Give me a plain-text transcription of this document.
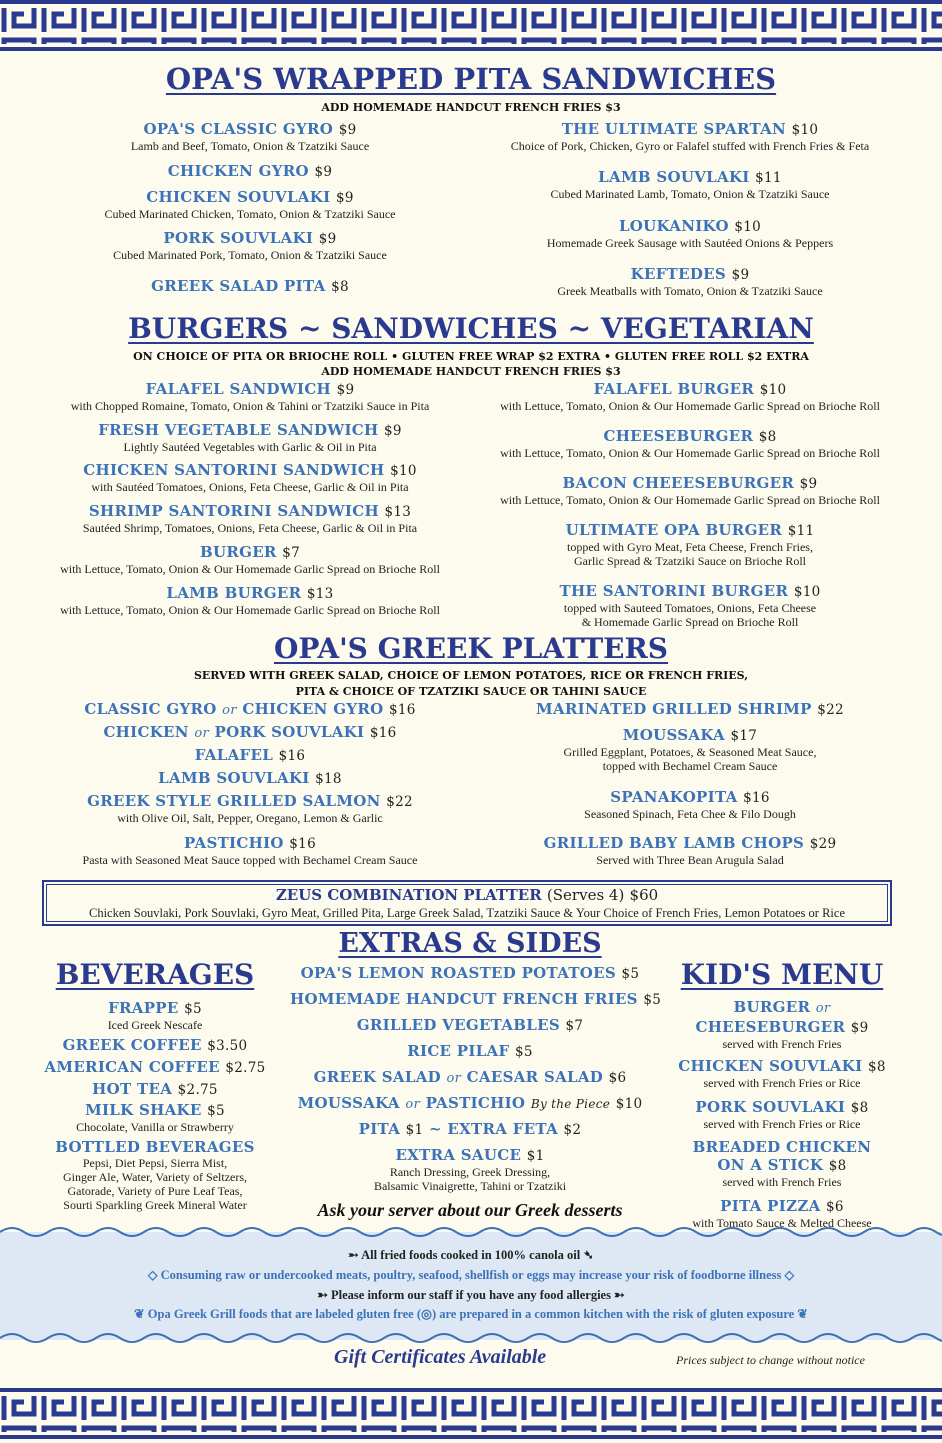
OPA'S WRAPPED PITA SANDWICHES
ADD HOMEMADE HANDCUT FRENCH FRIES $3
OPA'S CLASSIC GYRO $9
Lamb and Beef, Tomato, Onion & Tzatziki Sauce
CHICKEN GYRO $9
CHICKEN SOUVLAKI $9
Cubed Marinated Chicken, Tomato, Onion & Tzatziki Sauce
PORK SOUVLAKI $9
Cubed Marinated Pork, Tomato, Onion & Tzatziki Sauce
GREEK SALAD PITA $8
THE ULTIMATE SPARTAN $10
Choice of Pork, Chicken, Gyro or Falafel stuffed with French Fries & Feta
LAMB SOUVLAKI $11
Cubed Marinated Lamb, Tomato, Onion & Tzatziki Sauce
LOUKANIKO $10
Homemade Greek Sausage with Sautéed Onions & Peppers
KEFTEDES $9
Greek Meatballs with Tomato, Onion & Tzatziki Sauce
BURGERS ~ SANDWICHES ~ VEGETARIAN
ON CHOICE OF PITA OR BRIOCHE ROLL • GLUTEN FREE WRAP $2 EXTRA • GLUTEN FREE ROLL $2 EXTRA
ADD HOMEMADE HANDCUT FRENCH FRIES $3
FALAFEL SANDWICH $9
with Chopped Romaine, Tomato, Onion & Tahini or Tzatziki Sauce in Pita
FRESH VEGETABLE SANDWICH $9
Lightly Sautéed Vegetables with Garlic & Oil in Pita
CHICKEN SANTORINI SANDWICH $10
with Sautéed Tomatoes, Onions, Feta Cheese, Garlic & Oil in Pita
SHRIMP SANTORINI SANDWICH $13
Sautéed Shrimp, Tomatoes, Onions, Feta Cheese, Garlic & Oil in Pita
BURGER $7
with Lettuce, Tomato, Onion & Our Homemade Garlic Spread on Brioche Roll
LAMB BURGER $13
with Lettuce, Tomato, Onion & Our Homemade Garlic Spread on Brioche Roll
FALAFEL BURGER $10
with Lettuce, Tomato, Onion & Our Homemade Garlic Spread on Brioche Roll
CHEESEBURGER $8
with Lettuce, Tomato, Onion & Our Homemade Garlic Spread on Brioche Roll
BACON CHEEESEBURGER $9
with Lettuce, Tomato, Onion & Our Homemade Garlic Spread on Brioche Roll
ULTIMATE OPA BURGER $11
topped with Gyro Meat, Feta Cheese, French Fries,
Garlic Spread & Tzatziki Sauce on Brioche Roll
THE SANTORINI BURGER $10
topped with Sauteed Tomatoes, Onions, Feta Cheese
& Homemade Garlic Spread on Brioche Roll
OPA'S GREEK PLATTERS
SERVED WITH GREEK SALAD, CHOICE OF LEMON POTATOES, RICE OR FRENCH FRIES,
PITA & CHOICE OF TZATZIKI SAUCE OR TAHINI SAUCE
CLASSIC GYRO or CHICKEN GYRO $16
CHICKEN or PORK SOUVLAKI $16
FALAFEL $16
LAMB SOUVLAKI $18
GREEK STYLE GRILLED SALMON $22
with Olive Oil, Salt, Pepper, Oregano, Lemon & Garlic
PASTICHIO $16
Pasta with Seasoned Meat Sauce topped with Bechamel Cream Sauce
MARINATED GRILLED SHRIMP $22
MOUSSAKA $17
Grilled Eggplant, Potatoes, & Seasoned Meat Sauce,
topped with Bechamel Cream Sauce
SPANAKOPITA $16
Seasoned Spinach, Feta Chee & Filo Dough
GRILLED BABY LAMB CHOPS $29
Served with Three Bean Arugula Salad
ZEUS COMBINATION PLATTER (Serves 4) $60
Chicken Souvlaki, Pork Souvlaki, Gyro Meat, Grilled Pita, Large Greek Salad, Tzatziki Sauce & Your Choice of French Fries, Lemon Potatoes or Rice
EXTRAS & SIDES
OPA'S LEMON ROASTED POTATOES $5
HOMEMADE HANDCUT FRENCH FRIES $5
GRILLED VEGETABLES $7
RICE PILAF $5
GREEK SALAD or CAESAR SALAD $6
MOUSSAKA or PASTICHIO By the Piece $10
PITA $1 ~ EXTRA FETA $2
EXTRA SAUCE $1
Ranch Dressing, Greek Dressing,
Balsamic Vinaigrette, Tahini or Tzatziki
Ask your server about our Greek desserts
BEVERAGES
FRAPPE $5
Iced Greek Nescafe
GREEK COFFEE $3.50
AMERICAN COFFEE $2.75
HOT TEA $2.75
MILK SHAKE $5
Chocolate, Vanilla or Strawberry
BOTTLED BEVERAGES
Pepsi, Diet Pepsi, Sierra Mist,
Ginger Ale, Water, Variety of Seltzers,
Gatorade, Variety of Pure Leaf Teas,
Sourti Sparkling Greek Mineral Water
KID'S MENU
BURGER or
CHEESEBURGER $9
served with French Fries
CHICKEN SOUVLAKI $8
served with French Fries or Rice
PORK SOUVLAKI $8
served with French Fries or Rice
BREADED CHICKEN
ON A STICK $8
served with French Fries
PITA PIZZA $6
with Tomato Sauce & Melted Cheese
➵ All fried foods cooked in 100% canola oil ➴
◇ Consuming raw or undercooked meats, poultry, seafood, shellfish or eggs may increase your risk of foodborne illness ◇
➳ Please inform our staff if you have any food allergies ➳
❦ Opa Greek Grill foods that are labeled gluten free (◎) are prepared in a common kitchen with the risk of gluten exposure ❦
Gift Certificates Available	Prices subject to change without notice
